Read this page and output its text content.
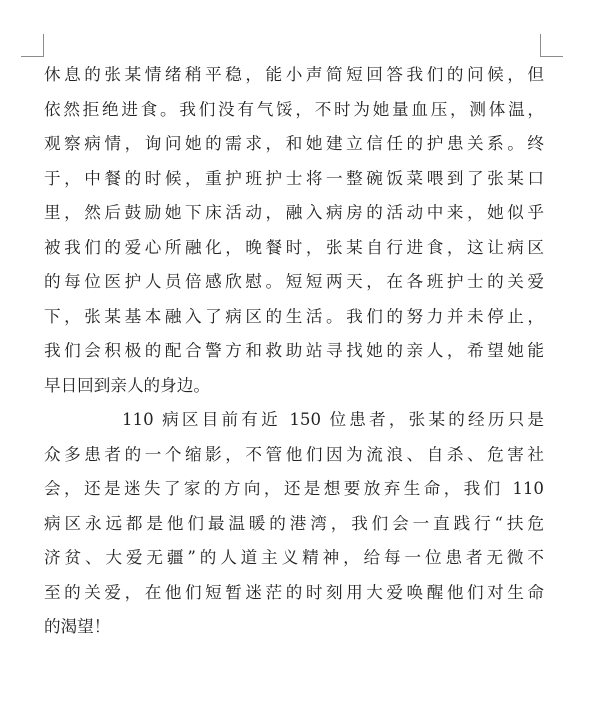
休息的张某情绪稍平稳，能小声简短回答我们的问候，但
依然拒绝进食。我们没有气馁，不时为她量血压，测体温，
观察病情，询问她的需求，和她建立信任的护患关系。终
于，中餐的时候，重护班护士将一整碗饭菜喂到了张某口
里，然后鼓励她下床活动，融入病房的活动中来，她似乎
被我们的爱心所融化，晚餐时，张某自行进食，这让病区
的每位医护人员倍感欣慰。短短两天，在各班护士的关爱
下，张某基本融入了病区的生活。我们的努力并未停止，
我们会积极的配合警方和救助站寻找她的亲人，希望她能
早日回到亲人的身边。
110 病区目前有近 150 位患者，张某的经历只是
众多患者的一个缩影，不管他们因为流浪、自杀、危害社
会，还是迷失了家的方向，还是想要放弃生命，我们 110
病区永远都是他们最温暖的港湾，我们会一直践行“扶危
济贫、大爱无疆”的人道主义精神，给每一位患者无微不
至的关爱，在他们短暂迷茫的时刻用大爱唤醒他们对生命
的渴望！
